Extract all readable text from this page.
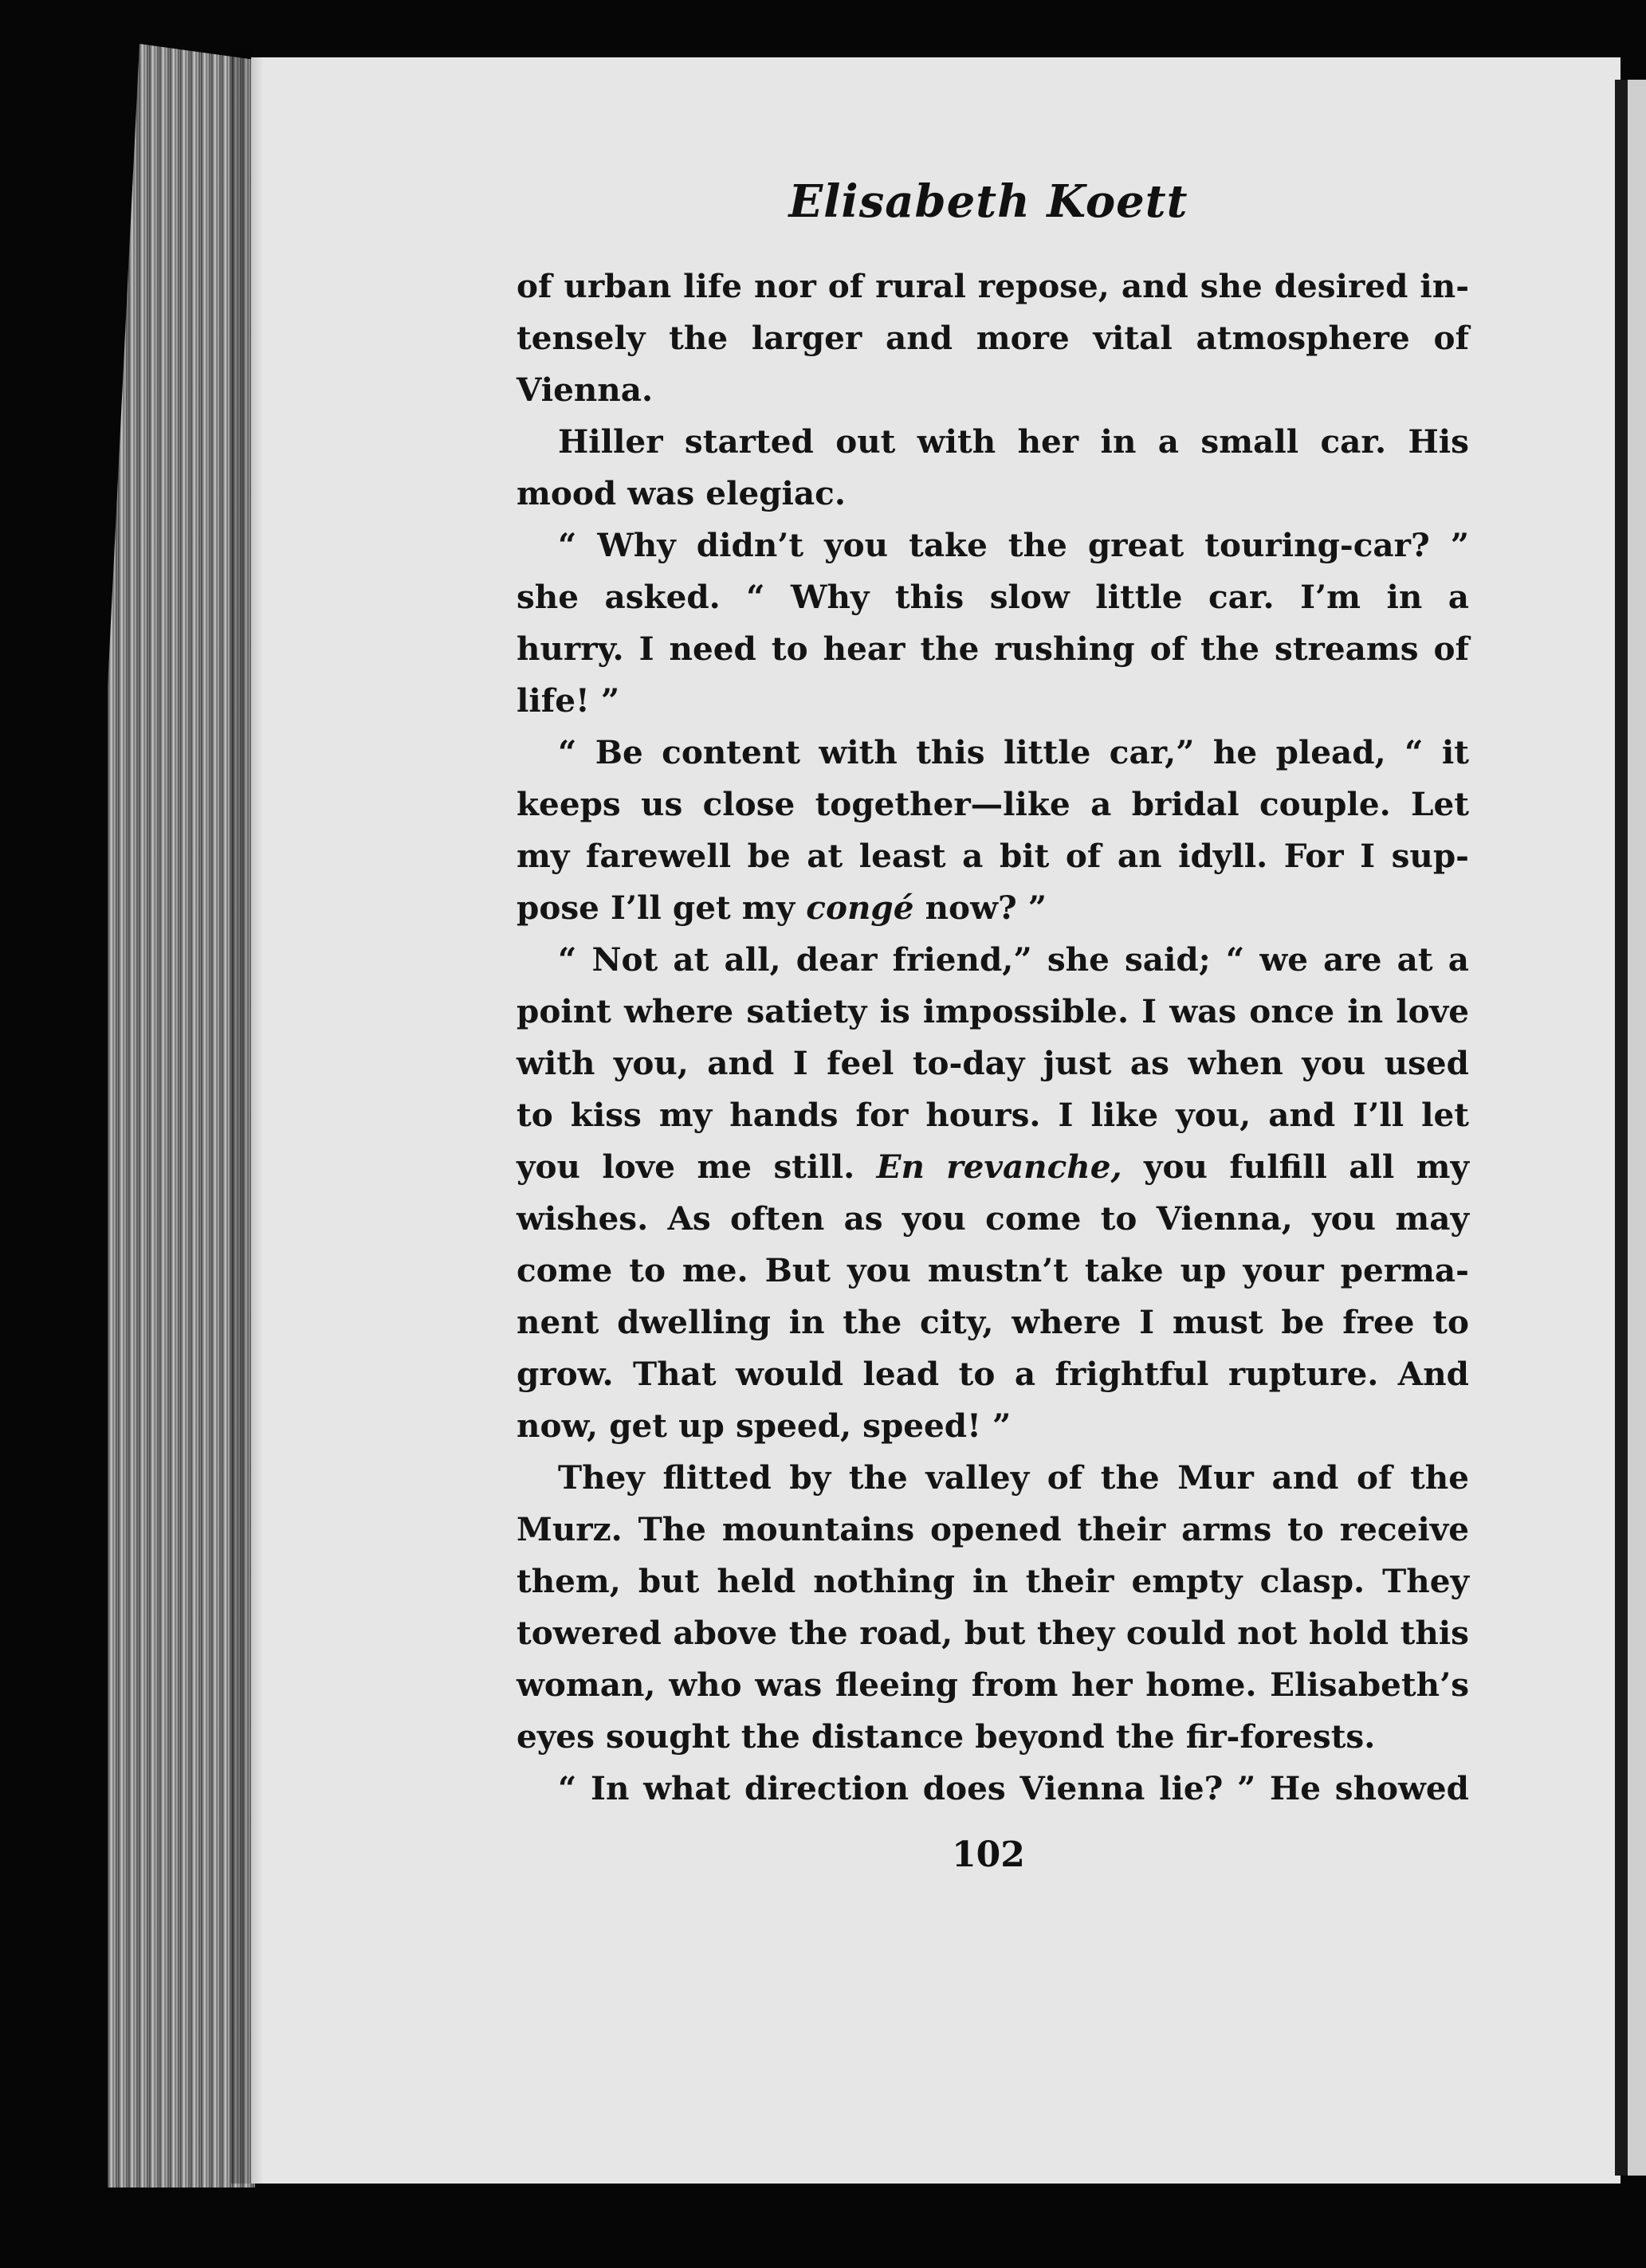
Elisabeth Koett
of urban life nor of rural repose, and she desired in-
tensely the larger and more vital atmosphere of
Vienna.
Hiller started out with her in a small car. His
mood was elegiac.
“ Why didn’t you take the great touring-car? ”
she asked. “ Why this slow little car. I’m in a
hurry. I need to hear the rushing of the streams of
life! ”
“ Be content with this little car,” he plead, “ it
keeps us close together—like a bridal couple. Let
my farewell be at least a bit of an idyll. For I sup-
pose I’ll get my congé now? ”
“ Not at all, dear friend,” she said; “ we are at a
point where satiety is impossible. I was once in love
with you, and I feel to-day just as when you used
to kiss my hands for hours. I like you, and I’ll let
you love me still. En revanche, you fulfill all my
wishes. As often as you come to Vienna, you may
come to me. But you mustn’t take up your perma-
nent dwelling in the city, where I must be free to
grow. That would lead to a frightful rupture. And
now, get up speed, speed! ”
They flitted by the valley of the Mur and of the
Murz. The mountains opened their arms to receive
them, but held nothing in their empty clasp. They
towered above the road, but they could not hold this
woman, who was fleeing from her home. Elisabeth’s
eyes sought the distance beyond the fir-forests.
“ In what direction does Vienna lie? ” He showed
102
